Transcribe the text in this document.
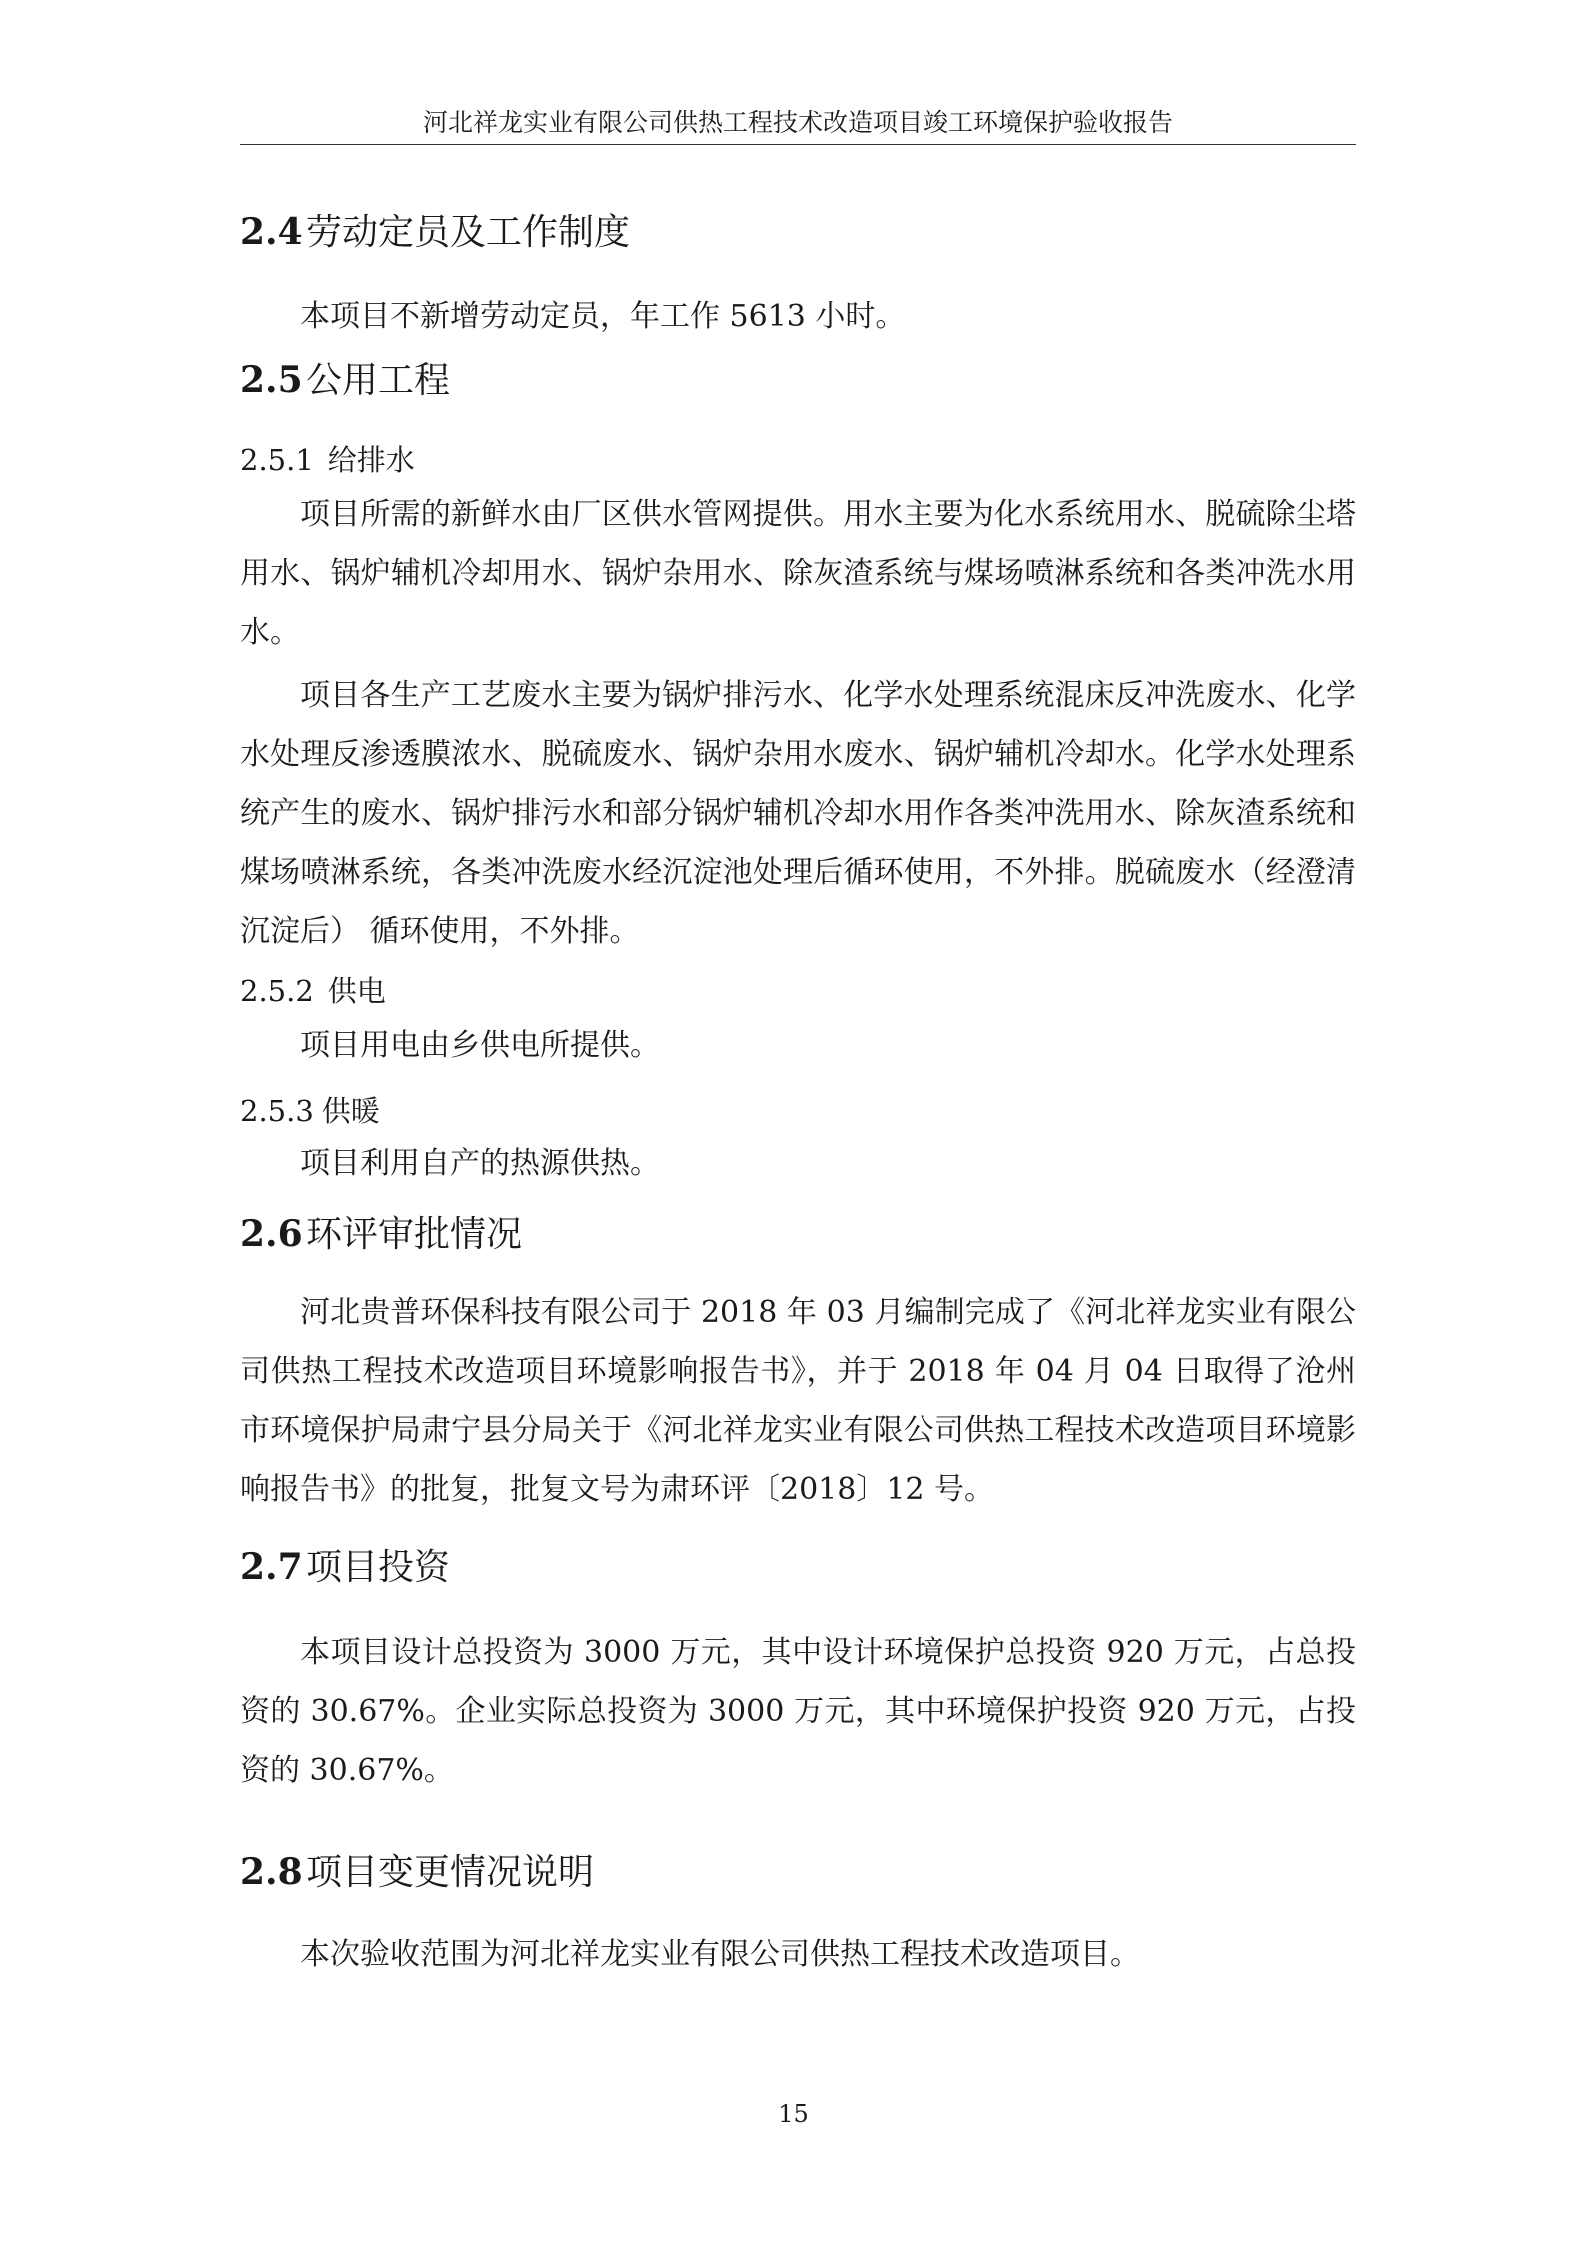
河北祥龙实业有限公司供热工程技术改造项目竣工环境保护验收报告
2.4劳动定员及工作制度

本项目不新增劳动定员，年工作 5613 小时。

2.5公用工程
2.5.1 给排水

项目所需的新鲜水由厂区供水管网提供。用水主要为化水系统用水、脱硫除尘塔用水、锅炉辅机冷却用水、锅炉杂用水、除灰渣系统与煤场喷淋系统和各类冲洗水用水。

项目各生产工艺废水主要为锅炉排污水、化学水处理系统混床反冲洗废水、化学水处理反渗透膜浓水、脱硫废水、锅炉杂用水废水、锅炉辅机冷却水。化学水处理系统产生的废水、锅炉排污水和部分锅炉辅机冷却水用作各类冲洗用水、除灰渣系统和煤场喷淋系统，各类冲洗废水经沉淀池处理后循环使用，不外排。脱硫废水（经澄清沉淀后） 循环使用，不外排。

2.5.2 供电

项目用电由乡供电所提供。

2.5.3 供暖

项目利用自产的热源供热。

2.6环评审批情况

河北贵普环保科技有限公司于 2018 年 03 月编制完成了《河北祥龙实业有限公司供热工程技术改造项目环境影响报告书》，并于 2018 年 04 月 04 日取得了沧州市环境保护局肃宁县分局关于《河北祥龙实业有限公司供热工程技术改造项目环境影响报告书》的批复，批复文号为肃环评〔2018〕12 号。

2.7项目投资

本项目设计总投资为 3000 万元，其中设计环境保护总投资 920 万元，占总投资的 30.67%。企业实际总投资为 3000 万元，其中环境保护投资 920 万元，占投资的 30.67%。

2.8项目变更情况说明

本次验收范围为河北祥龙实业有限公司供热工程技术改造项目。

15
